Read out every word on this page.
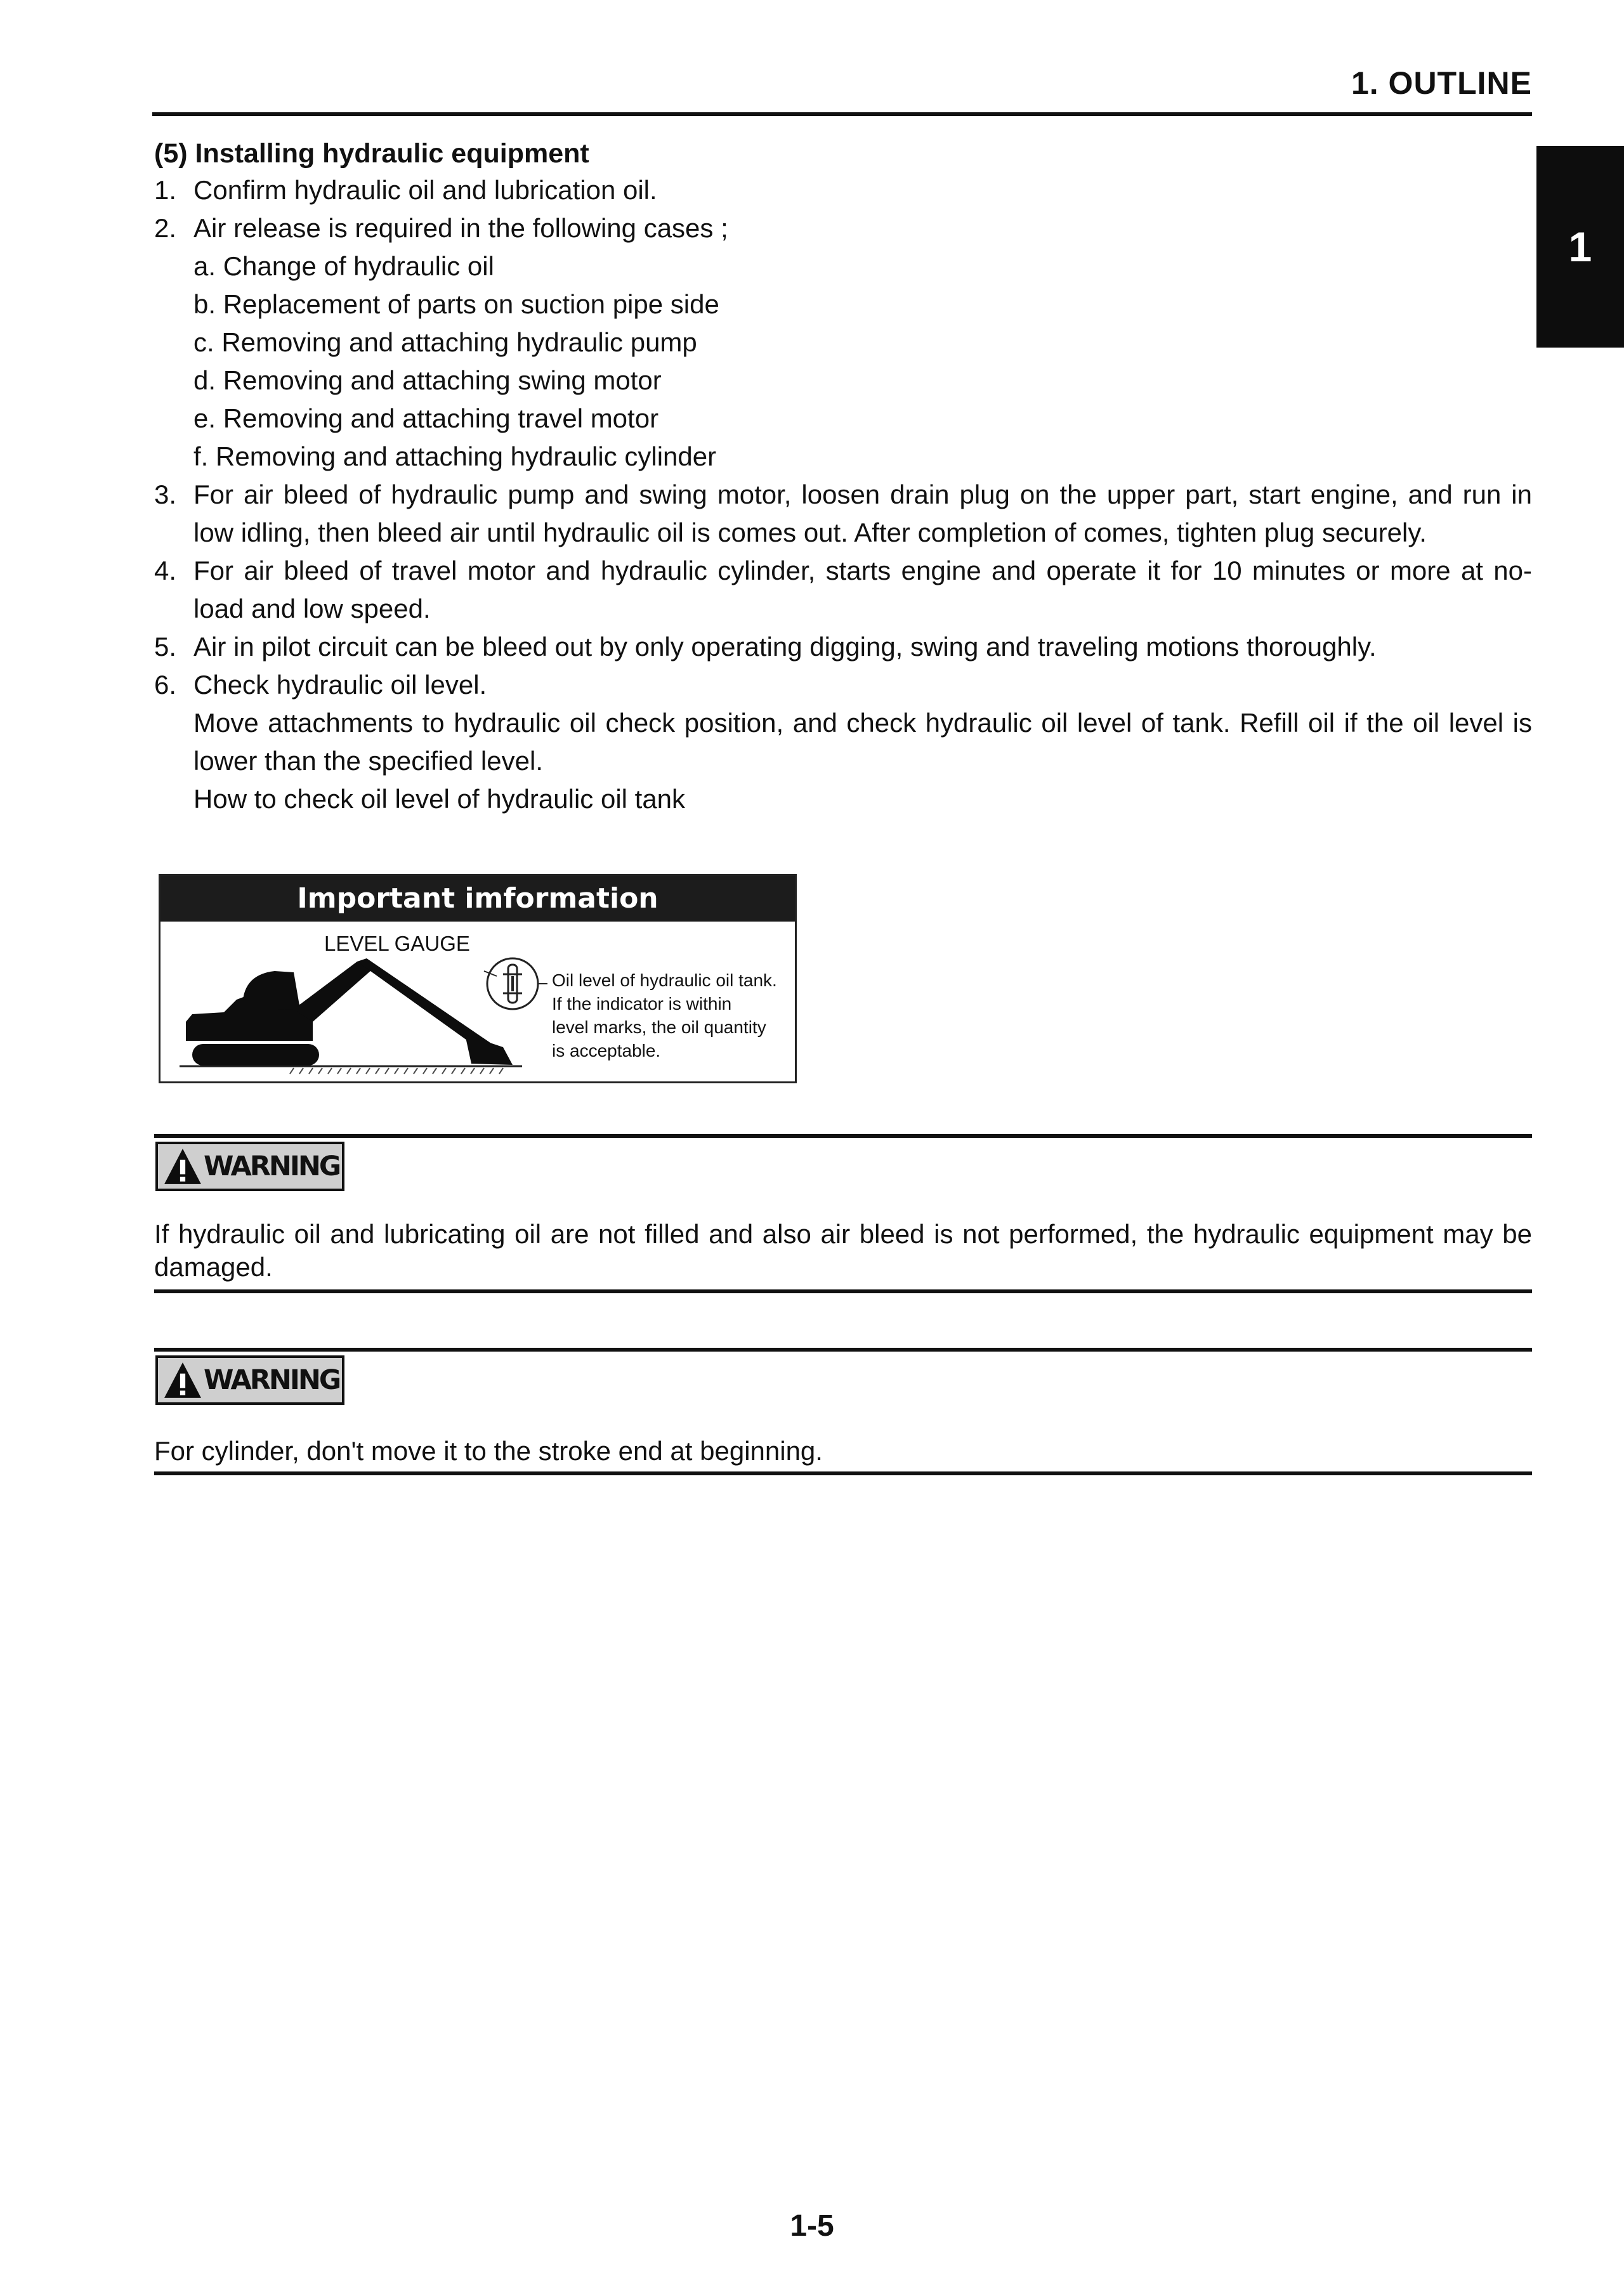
1. OUTLINE
1
(5) Installing hydraulic equipment
1. Confirm hydraulic oil and lubrication oil.
2. Air release is required in the following cases ;
a. Change of hydraulic oil
b. Replacement of parts on suction pipe side
c. Removing and attaching hydraulic pump
d. Removing and attaching swing motor
e. Removing and attaching travel motor
f. Removing and attaching hydraulic cylinder
3. For air bleed of hydraulic pump and swing motor, loosen drain plug on the upper part, start engine, and run in
low idling, then bleed air until hydraulic oil is comes out. After completion of comes, tighten plug securely.
4. For air bleed of travel motor and hydraulic cylinder, starts engine and operate it for 10 minutes or more at no-
load and low speed.
5. Air in pilot circuit can be bleed out by only operating digging, swing and traveling motions thoroughly.
6. Check hydraulic oil level.
Move attachments to hydraulic oil check position, and check hydraulic oil level of tank. Refill oil if the oil level is
lower than the specified level.
How to check oil level of hydraulic oil tank
Important imformation
LEVEL GAUGE
Oil level of hydraulic oil tank.
If the indicator is within
level marks, the oil quantity
is acceptable.
WARNING
If hydraulic oil and lubricating oil are not filled and also air bleed is not performed, the hydraulic equipment may be
damaged.
WARNING
For cylinder, don't move it to the stroke end at beginning.
1-5
